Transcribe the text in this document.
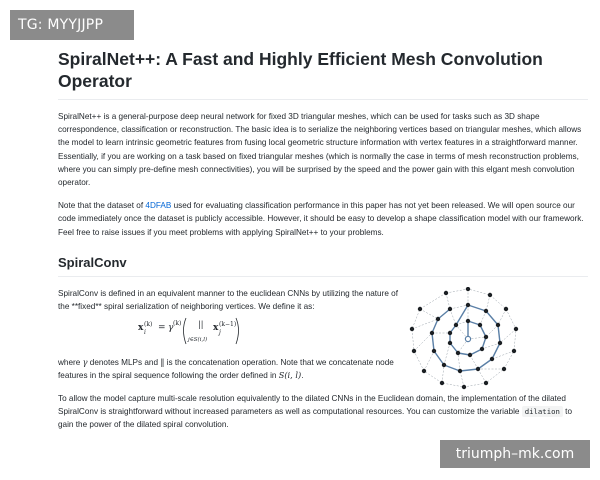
TG: MYYJJPP
SpiralNet++: A Fast and Highly Efficient Mesh Convolution Operator

SpiralNet++ is a general-purpose deep neural network for fixed 3D triangular meshes, which can be used for tasks such as 3D shape correspondence, classification or reconstruction. The basic idea is to serialize the neighboring vertices based on triangular meshes, which allows the model to learn intrinsic geometric features from fusing local geometric structure information with vertex features in a straightforward manner. Essentially, if you are working on a task based on fixed triangular meshes (which is normally the case in terms of mesh reconstruction problems, where you can simply pre-define mesh connectivities), you will be surprised by the speed and the power gain with this elgant mesh convolution operator.

Note that the dataset of 4DFAB used for evaluating classification performance in this paper has not yet been released. We will open source our code immediately once the dataset is publicly accessible. However, it should be easy to develop a shape classification model with our framework. Feel free to raise issues if you meet problems with applying SpiralNet++ to your problems.

SpiralConv

SpiralConv is defined in an equivalent manner to the euclidean CNNs by utilizing the nature of the **fixed** spiral serialization of neighboring vertices. We define it as:

x (k)
i = γ (k) ||
j∈S(i,l)
x (k−1)
j

where γ denotes MLPs and ‖ is the concatenation operation. Note that we concatenate node features in the spiral sequence following the order defined in S(i, l).

To allow the model capture multi-scale resolution equivalently to the dilated CNNs in the Euclidean domain, the implementation of the dilated SpiralConv is straightforward without increased parameters as well as computational resources. You can customize the variable dilation to gain the power of the dilated spiral convolution.

triumph–mk.com
